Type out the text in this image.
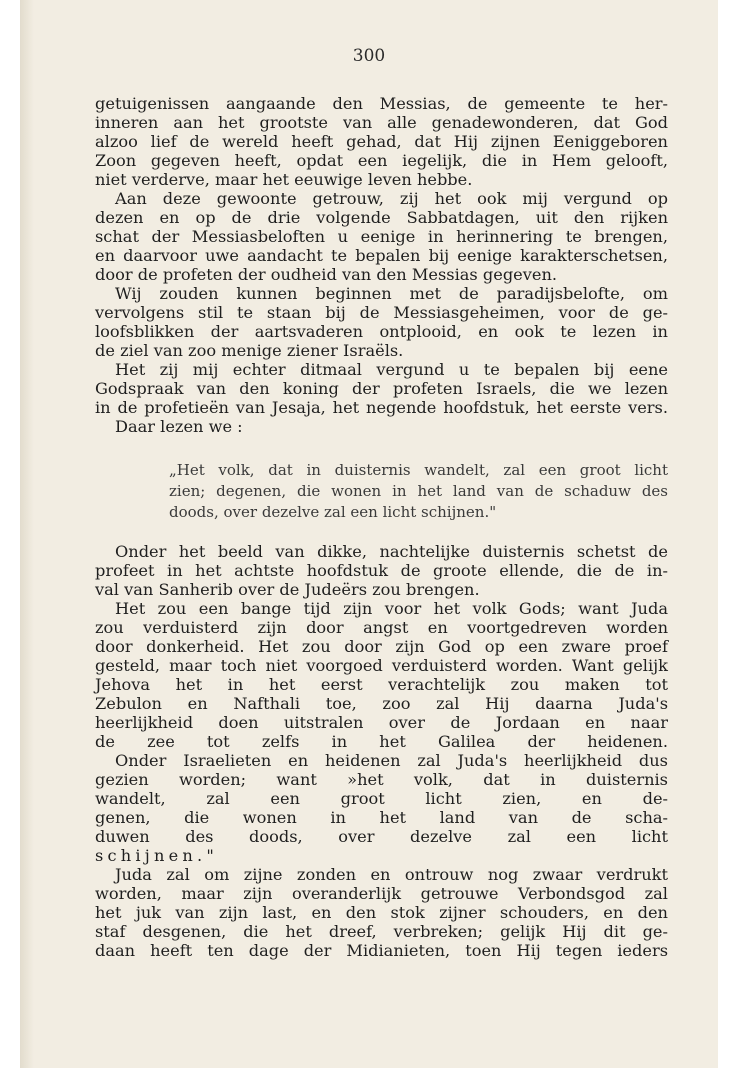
300
getuigenissen aangaande den Messias, de gemeente te her-
inneren aan het grootste van alle genadewonderen, dat God
alzoo lief de wereld heeft gehad, dat Hij zijnen Eeniggeboren
Zoon gegeven heeft, opdat een iegelijk, die in Hem gelooft,
niet verderve, maar het eeuwige leven hebbe.
Aan deze gewoonte getrouw, zij het ook mij vergund op
dezen en op de drie volgende Sabbatdagen, uit den rijken
schat der Messiasbeloften u eenige in herinnering te brengen,
en daarvoor uwe aandacht te bepalen bij eenige karakterschetsen,
door de profeten der oudheid van den Messias gegeven.
Wij zouden kunnen beginnen met de paradijsbelofte, om
vervolgens stil te staan bij de Messiasgeheimen, voor de ge-
loofsblikken der aartsvaderen ontplooid, en ook te lezen in
de ziel van zoo menige ziener Israëls.
Het zij mij echter ditmaal vergund u te bepalen bij eene
Godspraak van den koning der profeten Israels, die we lezen
in de profetieën van Jesaja, het negende hoofdstuk, het eerste vers.
Daar lezen we :
„Het volk, dat in duisternis wandelt, zal een groot licht
zien; degenen, die wonen in het land van de schaduw des
doods, over dezelve zal een licht schijnen."
Onder het beeld van dikke, nachtelijke duisternis schetst de
profeet in het achtste hoofdstuk de groote ellende, die de in-
val van Sanherib over de Judeërs zou brengen.
Het zou een bange tijd zijn voor het volk Gods; want Juda
zou verduisterd zijn door angst en voortgedreven worden
door donkerheid. Het zou door zijn God op een zware proef
gesteld, maar toch niet voorgoed verduisterd worden. Want gelijk
Jehova het in het eerst verachtelijk zou maken tot
Zebulon en Nafthali toe, zoo zal Hij daarna Juda's
heerlijkheid doen uitstralen over de Jordaan en naar
de zee tot zelfs in het Galilea der heidenen.
Onder Israelieten en heidenen zal Juda's heerlijkheid dus
gezien worden; want »het volk, dat in duisternis
wandelt, zal een groot licht zien, en de-
genen, die wonen in het land van de scha-
duwen des doods, over dezelve zal een licht
schijnen."
Juda zal om zijne zonden en ontrouw nog zwaar verdrukt
worden, maar zijn overanderlijk getrouwe Verbondsgod zal
het juk van zijn last, en den stok zijner schouders, en den
staf desgenen, die het dreef, verbreken; gelijk Hij dit ge-
daan heeft ten dage der Midianieten, toen Hij tegen ieders
